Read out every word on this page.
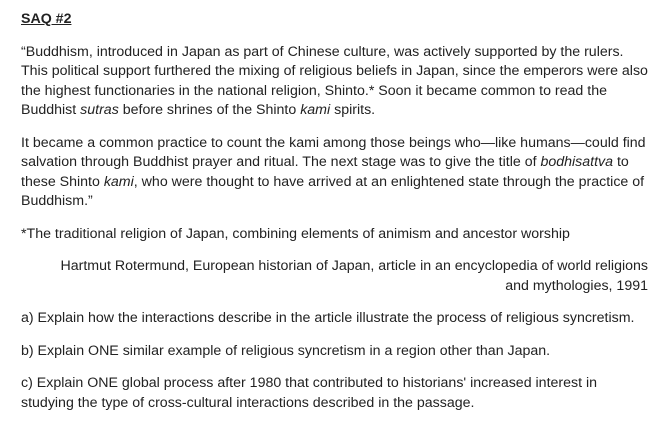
SAQ #2

“Buddhism, introduced in Japan as part of Chinese culture, was actively supported by the rulers. This political support furthered the mixing of religious beliefs in Japan, since the emperors were also the highest functionaries in the national religion, Shinto.* Soon it became common to read the Buddhist sutras before shrines of the Shinto kami spirits.

It became a common practice to count the kami among those beings who—like humans—could find salvation through Buddhist prayer and ritual. The next stage was to give the title of bodhisattva to these Shinto kami, who were thought to have arrived at an enlightened state through the practice of Buddhism.”

*The traditional religion of Japan, combining elements of animism and ancestor worship

Hartmut Rotermund, European historian of Japan, article in an encyclopedia of world religions and mythologies, 1991

a) Explain how the interactions describe in the article illustrate the process of religious syncretism.

b) Explain ONE similar example of religious syncretism in a region other than Japan.

c) Explain ONE global process after 1980 that contributed to historians' increased interest in studying the type of cross-cultural interactions described in the passage.
